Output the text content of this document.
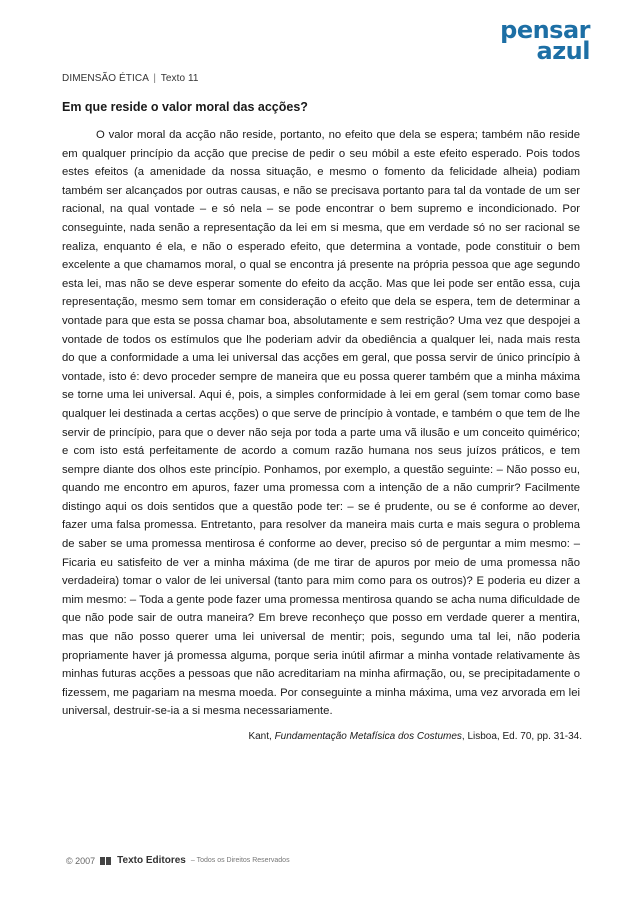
pensar
azul
DIMENSÃO ÉTICA | Texto 11
Em que reside o valor moral das acções?
O valor moral da acção não reside, portanto, no efeito que dela se espera; também não reside em qualquer princípio da acção que precise de pedir o seu móbil a este efeito esperado. Pois todos estes efeitos (a amenidade da nossa situação, e mesmo o fomento da felicidade alheia) podiam também ser alcançados por outras causas, e não se precisava portanto para tal da vontade de um ser racional, na qual vontade – e só nela – se pode encontrar o bem supremo e incondicionado. Por conseguinte, nada senão a representação da lei em si mesma, que em verdade só no ser racional se realiza, enquanto é ela, e não o esperado efeito, que determina a vontade, pode constituir o bem excelente a que chamamos moral, o qual se encontra já presente na própria pessoa que age segundo esta lei, mas não se deve esperar somente do efeito da acção. Mas que lei pode ser então essa, cuja representação, mesmo sem tomar em consideração o efeito que dela se espera, tem de determinar a vontade para que esta se possa chamar boa, absolutamente e sem restrição? Uma vez que despojei a vontade de todos os estímulos que lhe poderiam advir da obediência a qualquer lei, nada mais resta do que a conformidade a uma lei universal das acções em geral, que possa servir de único princípio à vontade, isto é: devo proceder sempre de maneira que eu possa querer também que a minha máxima se torne uma lei universal. Aqui é, pois, a simples conformidade à lei em geral (sem tomar como base qualquer lei destinada a certas acções) o que serve de princípio à vontade, e também o que tem de lhe servir de princípio, para que o dever não seja por toda a parte uma vã ilusão e um conceito quimérico; e com isto está perfeitamente de acordo a comum razão humana nos seus juízos práticos, e tem sempre diante dos olhos este princípio. Ponhamos, por exemplo, a questão seguinte: – Não posso eu, quando me encontro em apuros, fazer uma promessa com a intenção de a não cumprir? Facilmente distingo aqui os dois sentidos que a questão pode ter: – se é prudente, ou se é conforme ao dever, fazer uma falsa promessa. Entretanto, para resolver da maneira mais curta e mais segura o problema de saber se uma promessa mentirosa é conforme ao dever, preciso só de perguntar a mim mesmo: – Ficaria eu satisfeito de ver a minha máxima (de me tirar de apuros por meio de uma promessa não verdadeira) tomar o valor de lei universal (tanto para mim como para os outros)? E poderia eu dizer a mim mesmo: – Toda a gente pode fazer uma promessa mentirosa quando se acha numa dificuldade de que não pode sair de outra maneira? Em breve reconheço que posso em verdade querer a mentira, mas que não posso querer uma lei universal de mentir; pois, segundo uma tal lei, não poderia propriamente haver já promessa alguma, porque seria inútil afirmar a minha vontade relativamente às minhas futuras acções a pessoas que não acreditariam na minha afirmação, ou, se precipitadamente o fizessem, me pagariam na mesma moeda. Por conseguinte a minha máxima, uma vez arvorada em lei universal, destruir-se-ia a si mesma necessariamente.
Kant, Fundamentação Metafísica dos Costumes, Lisboa, Ed. 70, pp. 31-34.
© 2007 Texto Editores – Todos os Direitos Reservados
